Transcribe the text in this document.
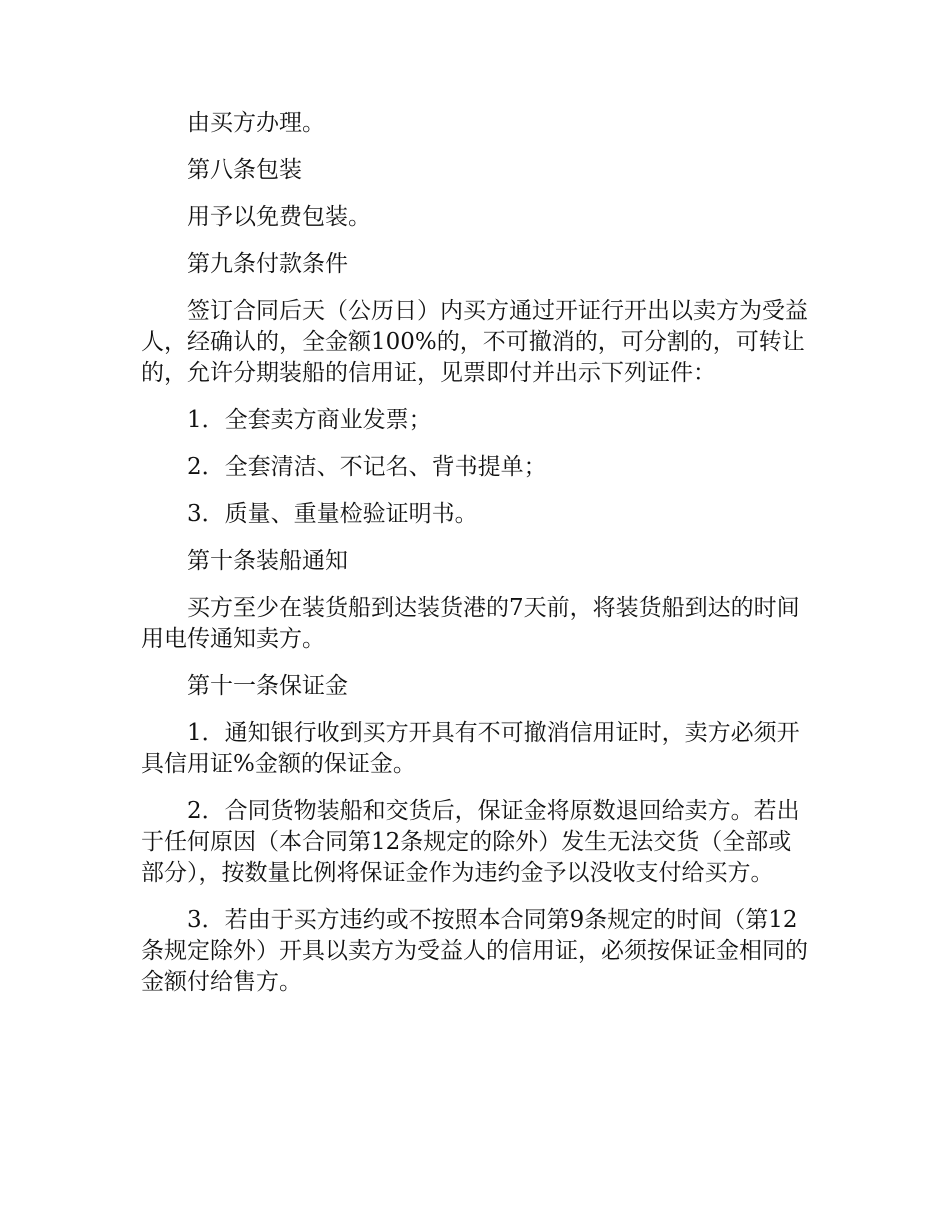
由买方办理。

第八条包装

用予以免费包装。

第九条付款条件

签订合同后天（公历日）内买方通过开证行开出以卖方为受益人，经确认的，全金额100%的，不可撤消的，可分割的，可转让的，允许分期装船的信用证，见票即付并出示下列证件：

1．全套卖方商业发票；

2．全套清洁、不记名、背书提单；

3．质量、重量检验证明书。

第十条装船通知

买方至少在装货船到达装货港的7天前，将装货船到达的时间用电传通知卖方。

第十一条保证金

1．通知银行收到买方开具有不可撤消信用证时，卖方必须开具信用证%金额的保证金。

2．合同货物装船和交货后，保证金将原数退回给卖方。若出于任何原因（本合同第12条规定的除外）发生无法交货（全部或部分），按数量比例将保证金作为违约金予以没收支付给买方。

3．若由于买方违约或不按照本合同第9条规定的时间（第12条规定除外）开具以卖方为受益人的信用证，必须按保证金相同的金额付给售方。
